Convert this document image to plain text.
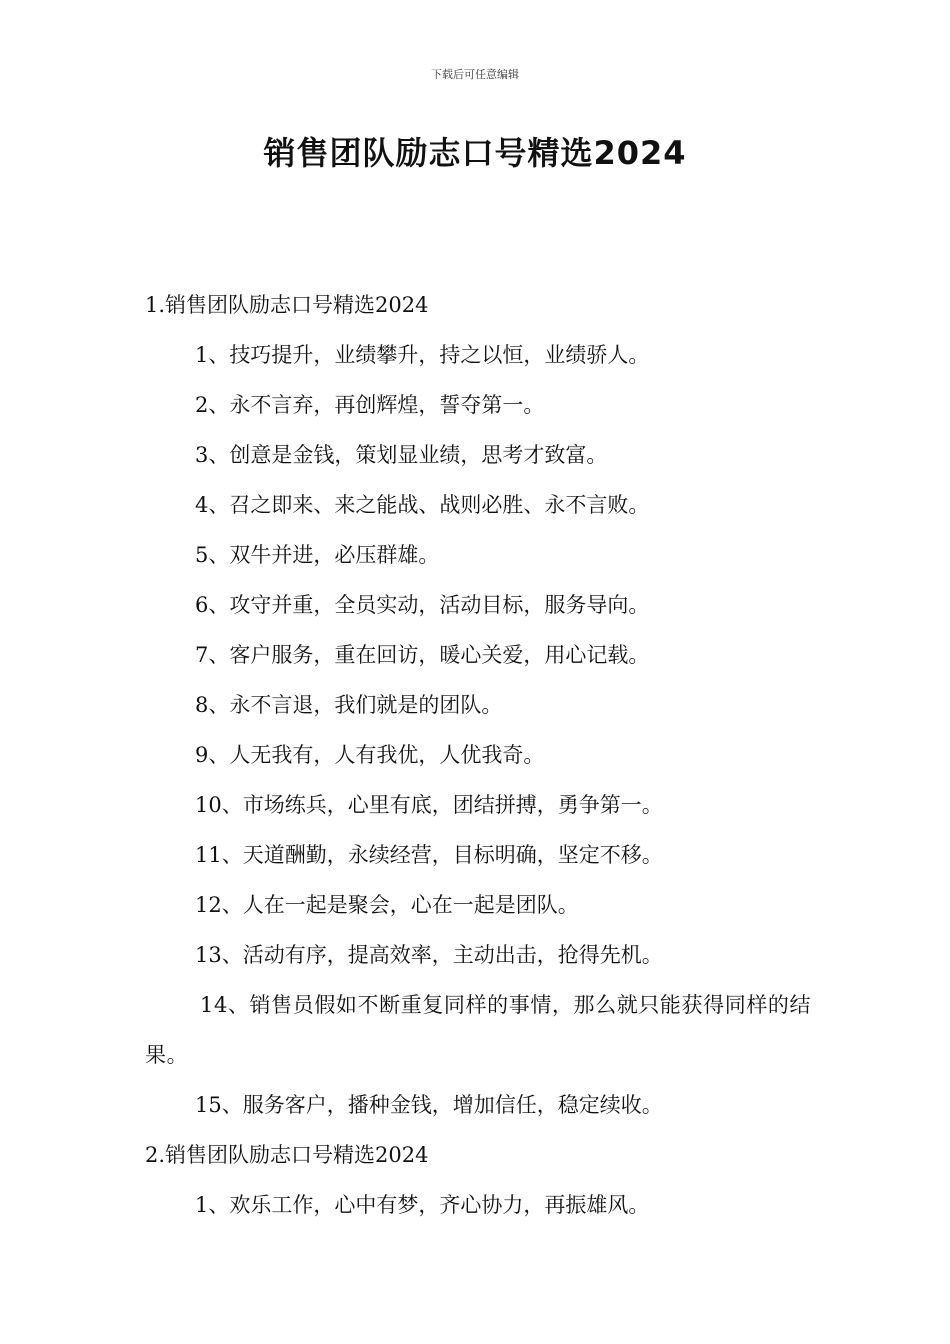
下载后可任意编辑
销售团队励志口号精选2024
1.销售团队励志口号精选2024
1、技巧提升，业绩攀升，持之以恒，业绩骄人。
2、永不言弃，再创辉煌，誓夺第一。
3、创意是金钱，策划显业绩，思考才致富。
4、召之即来、来之能战、战则必胜、永不言败。
5、双牛并进，必压群雄。
6、攻守并重，全员实动，活动目标，服务导向。
7、客户服务，重在回访，暖心关爱，用心记载。
8、永不言退，我们就是的团队。
9、人无我有，人有我优，人优我奇。
10、市场练兵，心里有底，团结拼搏，勇争第一。
11、天道酬勤，永续经营，目标明确，坚定不移。
12、人在一起是聚会，心在一起是团队。
13、活动有序，提高效率，主动出击，抢得先机。
14、销售员假如不断重复同样的事情，那么就只能获得同样的结果。
15、服务客户，播种金钱，增加信任，稳定续收。
2.销售团队励志口号精选2024
1、欢乐工作，心中有梦，齐心协力，再振雄风。
